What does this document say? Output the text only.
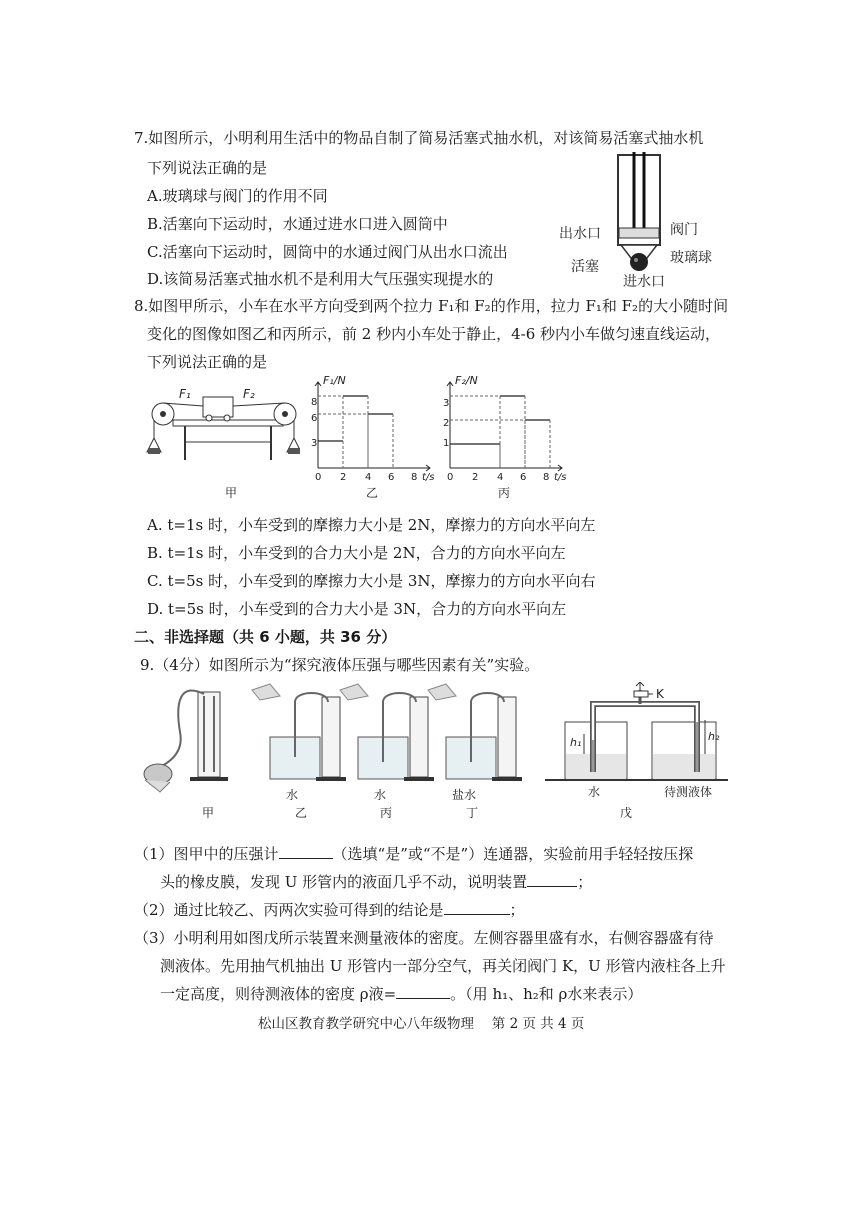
7.如图所示，小明利用生活中的物品自制了简易活塞式抽水机，对该简易活塞式抽水机
下列说法正确的是
A.玻璃球与阀门的作用不同
B.活塞向下运动时，水通过进水口进入圆筒中
C.活塞向下运动时，圆筒中的水通过阀门从出水口流出
D.该简易活塞式抽水机不是利用大气压强实现提水的
出水口	阀门
玻璃球
活塞
进水口
8.如图甲所示，小车在水平方向受到两个拉力 F₁和 F₂的作用，拉力 F₁和 F₂的大小随时间
变化的图像如图乙和丙所示，前 2 秒内小车处于静止，4-6 秒内小车做匀速直线运动，
下列说法正确的是
F₁	F₂
甲
F₁/N
t/s
3
6
8
0 2 4 6 8
乙
F₂/N
t/s
1
2
3
0 2 4 6 8
丙
A. t=1s 时，小车受到的摩擦力大小是 2N，摩擦力的方向水平向左
B. t=1s 时，小车受到的合力大小是 2N，合力的方向水平向左
C. t=5s 时，小车受到的摩擦力大小是 3N，摩擦力的方向水平向右
D. t=5s 时，小车受到的合力大小是 3N，合力的方向水平向左
二、非选择题（共 6 小题，共 36 分）
9.（4分）如图所示为“探究液体压强与哪些因素有关”实验。
甲
水
乙
水
丙
盐水
丁
K
h₁	h₂
水	待测液体
戊
（1）图甲中的压强计	（选填“是”或“不是”）连通器，实验前用手轻轻按压探
头的橡皮膜，发现 U 形管内的液面几乎不动，说明装置	；
（2）通过比较乙、丙两次实验可得到的结论是	；
（3）小明利用如图戊所示装置来测量液体的密度。左侧容器里盛有水，右侧容器盛有待
测液体。先用抽气机抽出 U 形管内一部分空气，再关闭阀门 K，U 形管内液柱各上升
一定高度，则待测液体的密度 ρ液=	。（用 h₁、h₂和 ρ水来表示）
松山区教育教学研究中心八年级物理　 第 2 页 共 4 页
